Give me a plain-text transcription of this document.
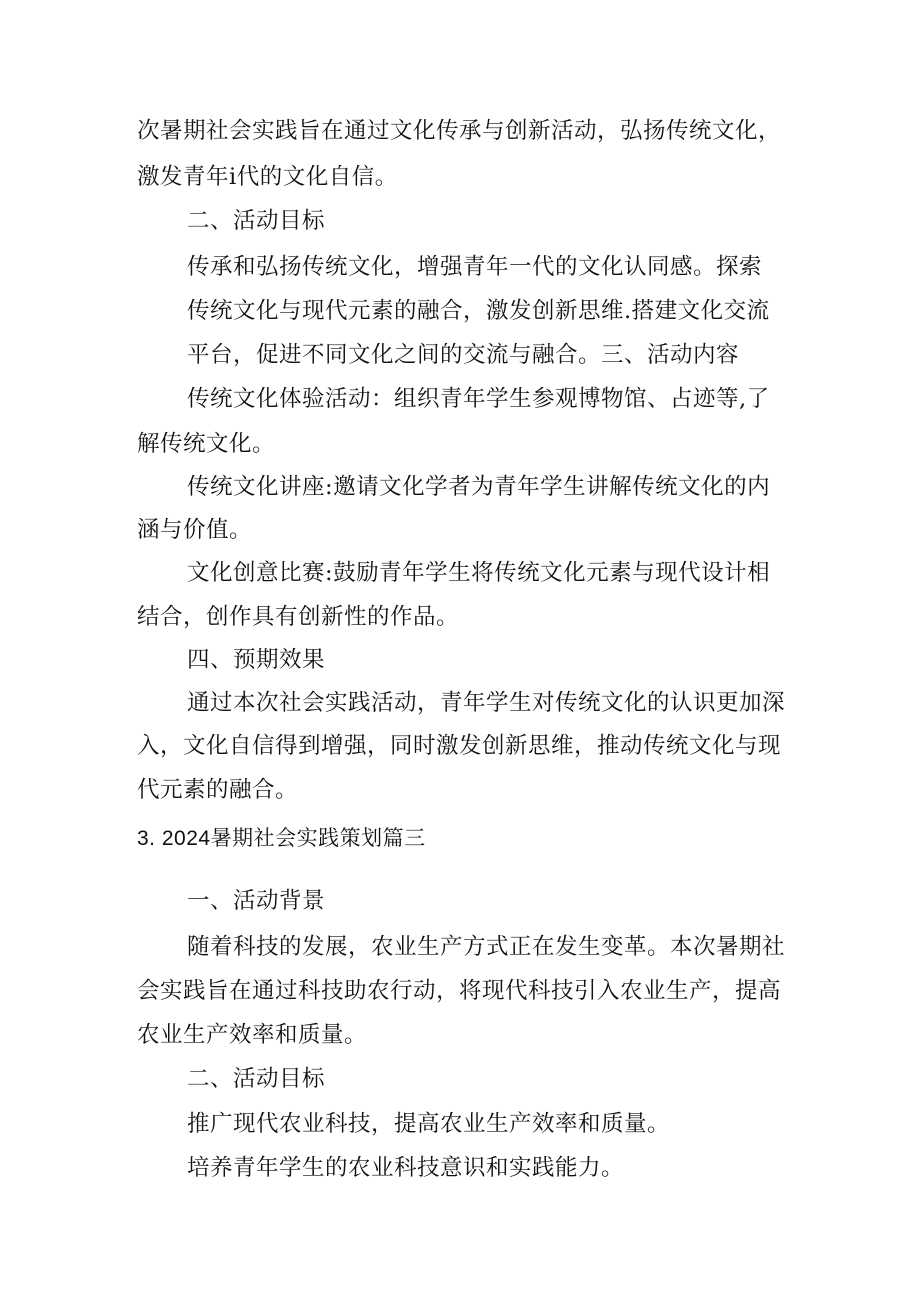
次暑期社会实践旨在通过文化传承与创新活动，弘扬传统文化，
激发青年i代的文化自信。
二、活动目标
传承和弘扬传统文化，增强青年一代的文化认同感。探索
传统文化与现代元素的融合，激发创新思维.搭建文化交流
平台，促进不同文化之间的交流与融合。三、活动内容
传统文化体验活动：组织青年学生参观博物馆、占迹等,了
解传统文化。
传统文化讲座:邀请文化学者为青年学生讲解传统文化的内
涵与价值。
文化创意比赛:鼓励青年学生将传统文化元素与现代设计相
结合，创作具有创新性的作品。
四、预期效果
通过本次社会实践活动，青年学生对传统文化的认识更加深
入，文化自信得到增强，同时激发创新思维，推动传统文化与现
代元素的融合。
3. 2024暑期社会实践策划篇三
一、活动背景
随着科技的发展，农业生产方式正在发生变革。本次暑期社
会实践旨在通过科技助农行动，将现代科技引入农业生产，提高
农业生产效率和质量。
二、活动目标
推广现代农业科技，提高农业生产效率和质量。
培养青年学生的农业科技意识和实践能力。
